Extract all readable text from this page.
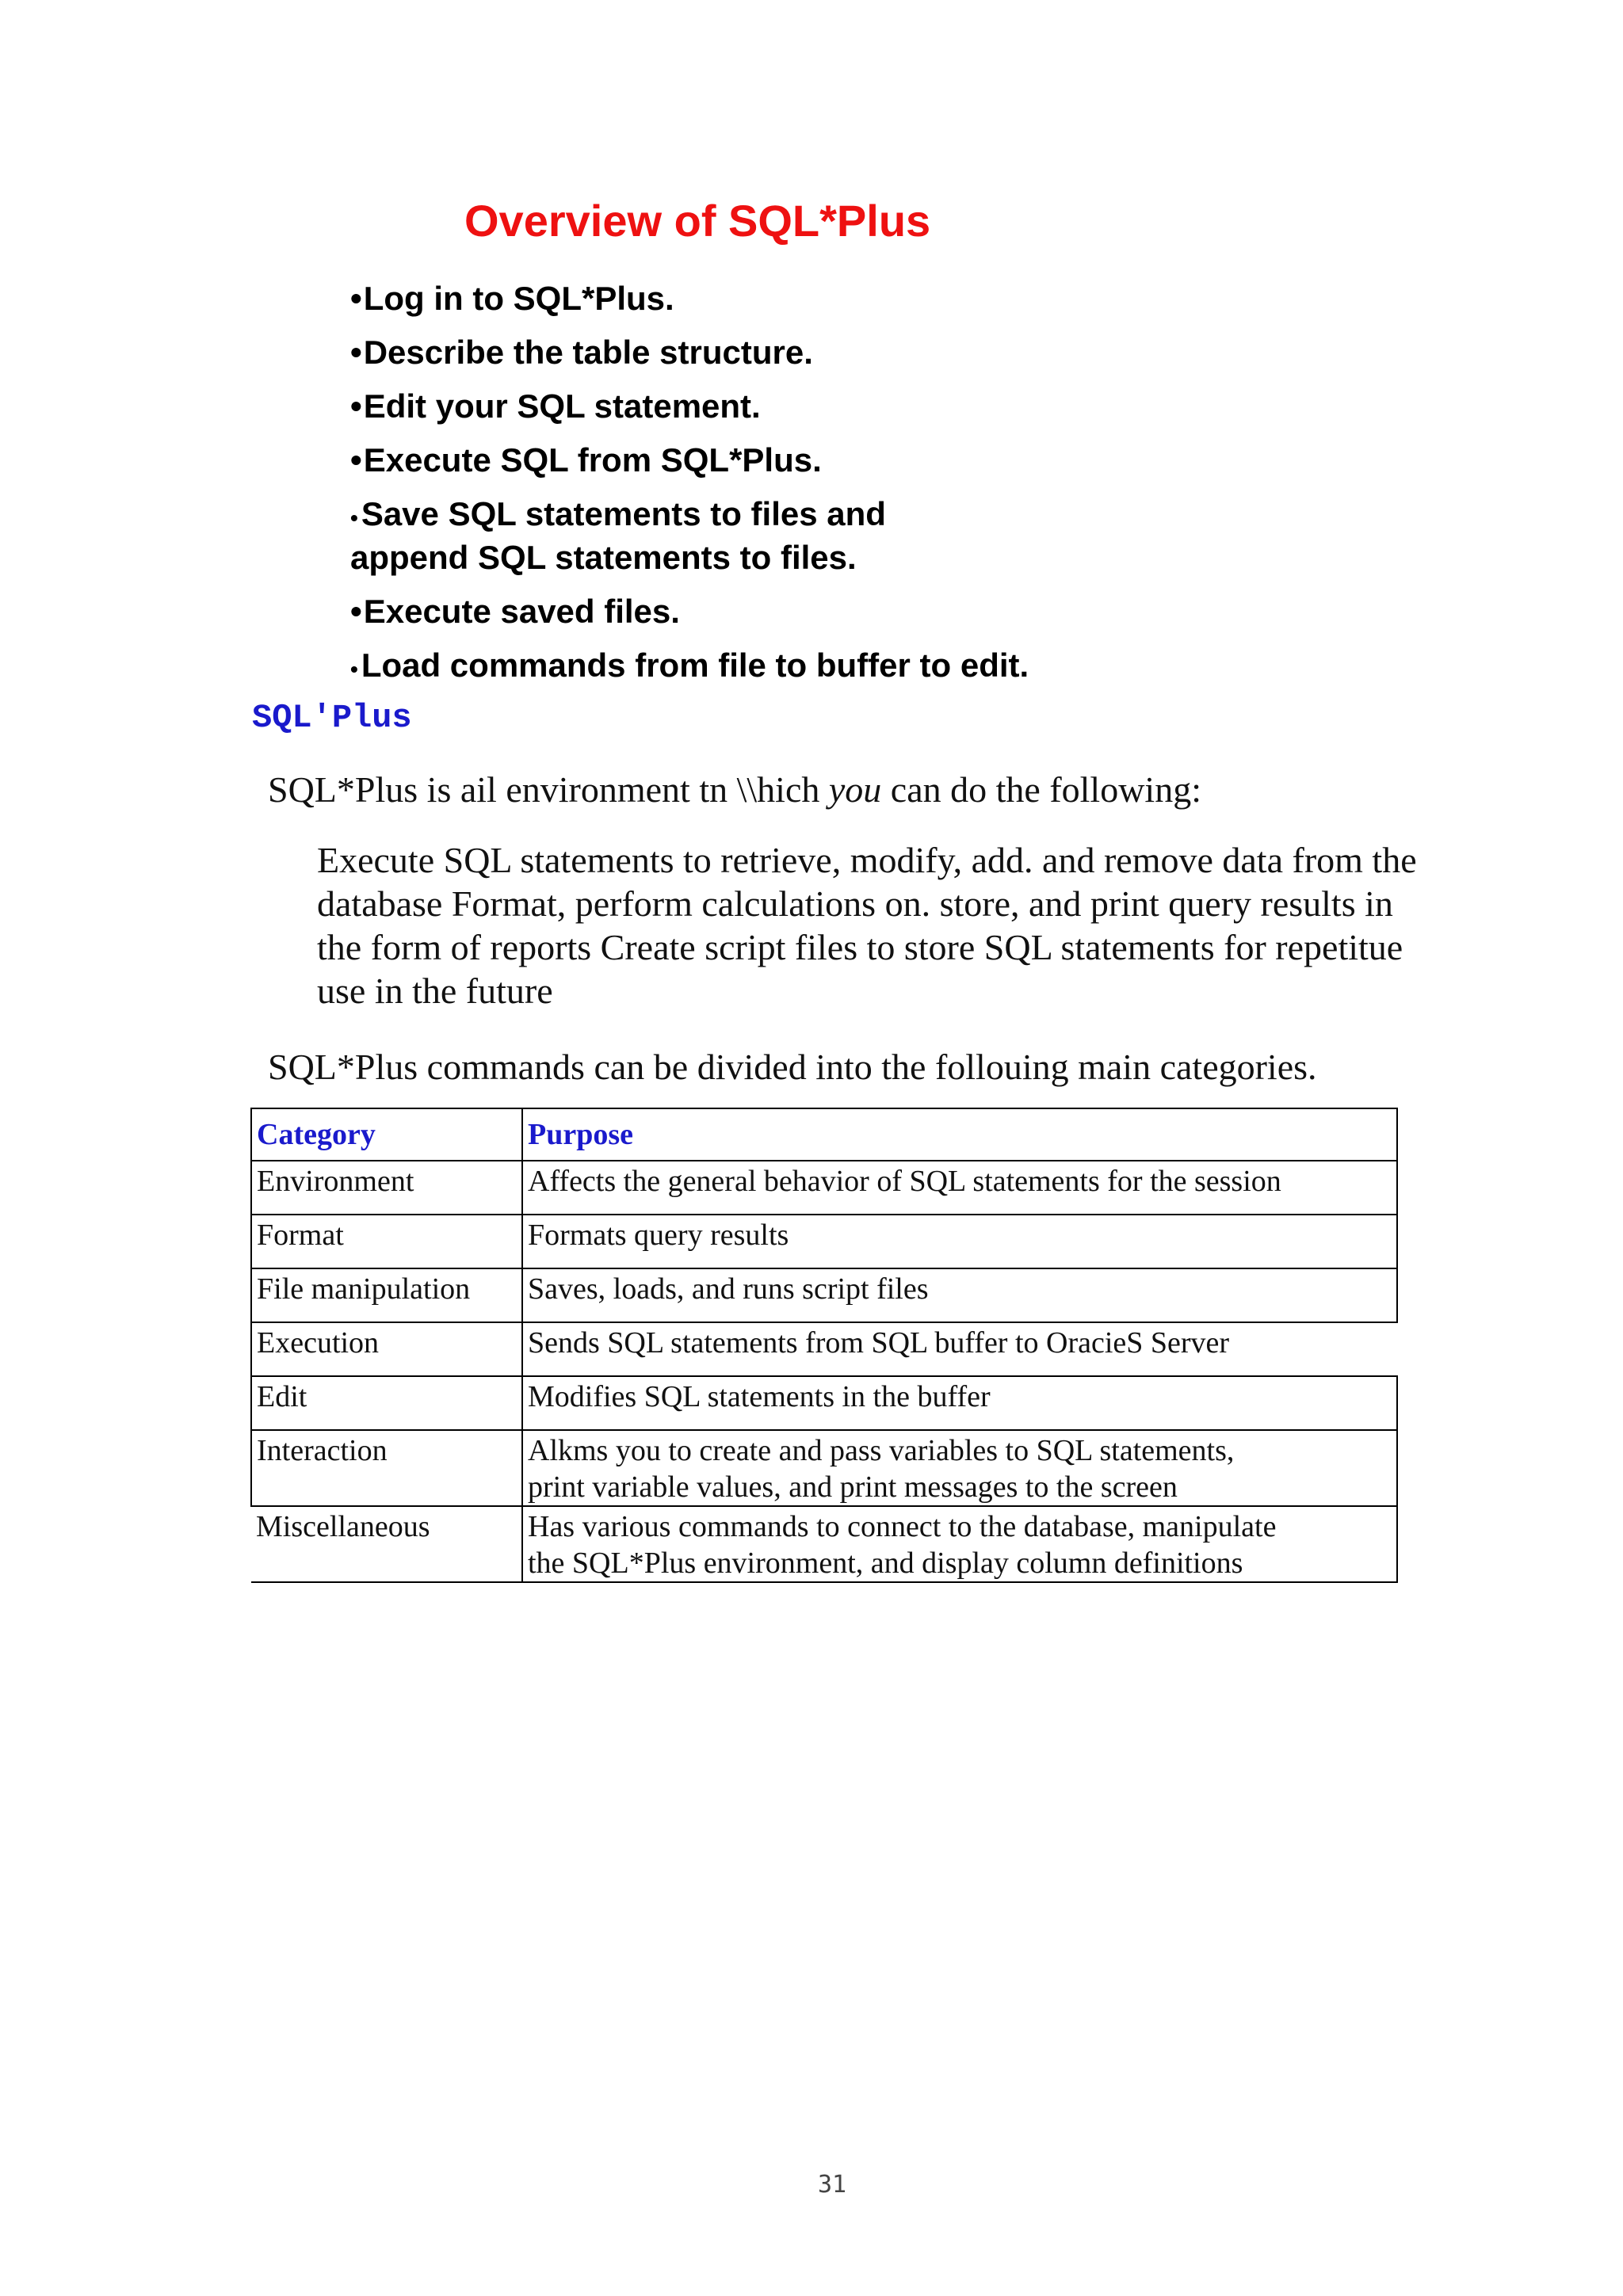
Overview of SQL*Plus
•Log in to SQL*Plus.
•Describe the table structure.
•Edit your SQL statement.
•Execute SQL from SQL*Plus.
•Save SQL statements to files and
append SQL statements to files.
•Execute saved files.
•Load commands from file to buffer to edit.
SQL'Plus
SQL*Plus is ail environment tn \\hich you can do the following:

Execute SQL statements to retrieve, modify, add. and remove data from the database Format, perform calculations on. store, and print query results in the form of reports Create script files to store SQL statements for repetitue use in the future

SQL*Plus commands can be divided into the follouing main categories.
Category	Purpose
Environment	Affects the general behavior of SQL statements for the session
Format	Formats query results
File manipulation	Saves, loads, and runs script files
Execution	Sends SQL statements from SQL buffer to OracieS Server
Edit	Modifies SQL statements in the buffer
Interaction	Alkms you to create and pass variables to SQL statements,
print variable values, and print messages to the screen
Miscellaneous	Has various commands to connect to the database, manipulate
the SQL*Plus environment, and display column definitions
31
